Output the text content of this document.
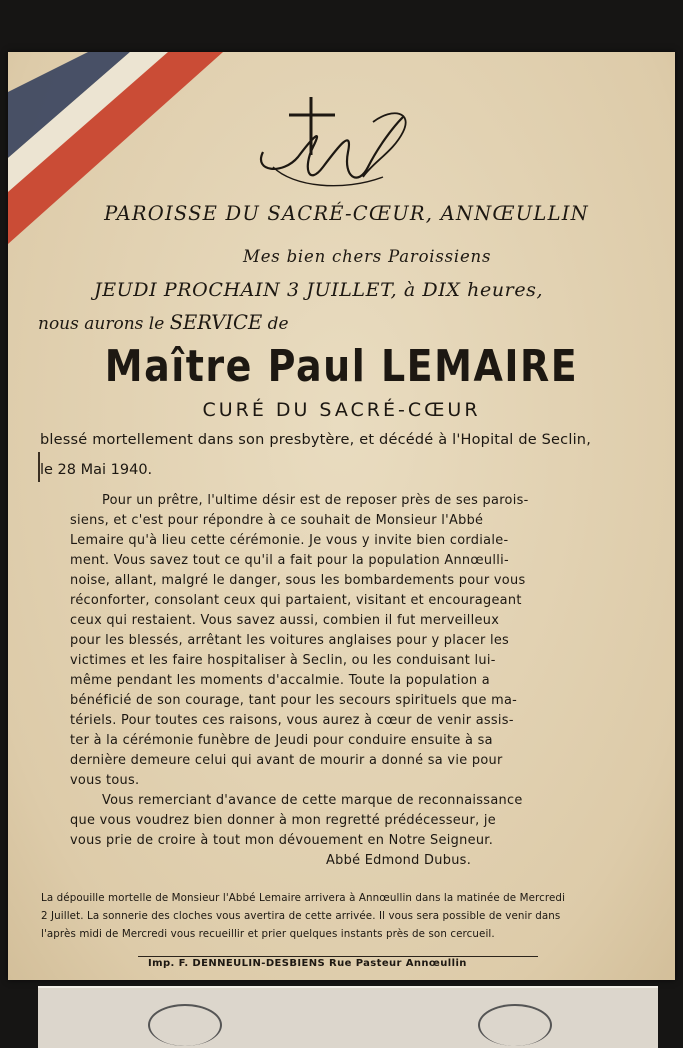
PAROISSE DU SACRÉ-CŒUR, ANNŒULLIN
Mes bien chers Paroissiens
JEUDI PROCHAIN 3 JUILLET, à DIX heures,
nous aurons le SERVICE de
Maître Paul LEMAIRE
CURÉ DU SACRÉ-CŒUR
blessé mortellement dans son presbytère, et décédé à l'Hopital de Seclin,
le 28 Mai 1940.
Pour un prêtre, l'ultime désir est de reposer près de ses parois-
siens, et c'est pour répondre à ce souhait de Monsieur l'Abbé
Lemaire qu'à lieu cette cérémonie. Je vous y invite bien cordiale-
ment. Vous savez tout ce qu'il a fait pour la population Annœulli-
noise, allant, malgré le danger, sous les bombardements pour vous
réconforter, consolant ceux qui partaient, visitant et encourageant
ceux qui restaient. Vous savez aussi, combien il fut merveilleux
pour les blessés, arrêtant les voitures anglaises pour y placer les
victimes et les faire hospitaliser à Seclin, ou les conduisant lui-
même pendant les moments d'accalmie. Toute la population a
bénéficié de son courage, tant pour les secours spirituels que ma-
tériels. Pour toutes ces raisons, vous aurez à cœur de venir assis-
ter à la cérémonie funèbre de Jeudi pour conduire ensuite à sa
dernière demeure celui qui avant de mourir a donné sa vie pour
vous tous.
Vous remerciant d'avance de cette marque de reconnaissance
que vous voudrez bien donner à mon regretté prédécesseur, je
vous prie de croire à tout mon dévouement en Notre Seigneur.
Abbé Edmond Dubus.
La dépouille mortelle de Monsieur l'Abbé Lemaire arrivera à Annœullin dans la matinée de Mercredi
2 Juillet. La sonnerie des cloches vous avertira de cette arrivée. Il vous sera possible de venir dans
l'après midi de Mercredi vous recueillir et prier quelques instants près de son cercueil.
Imp. F. DENNEULIN-DESBIENS Rue Pasteur Annœullin
